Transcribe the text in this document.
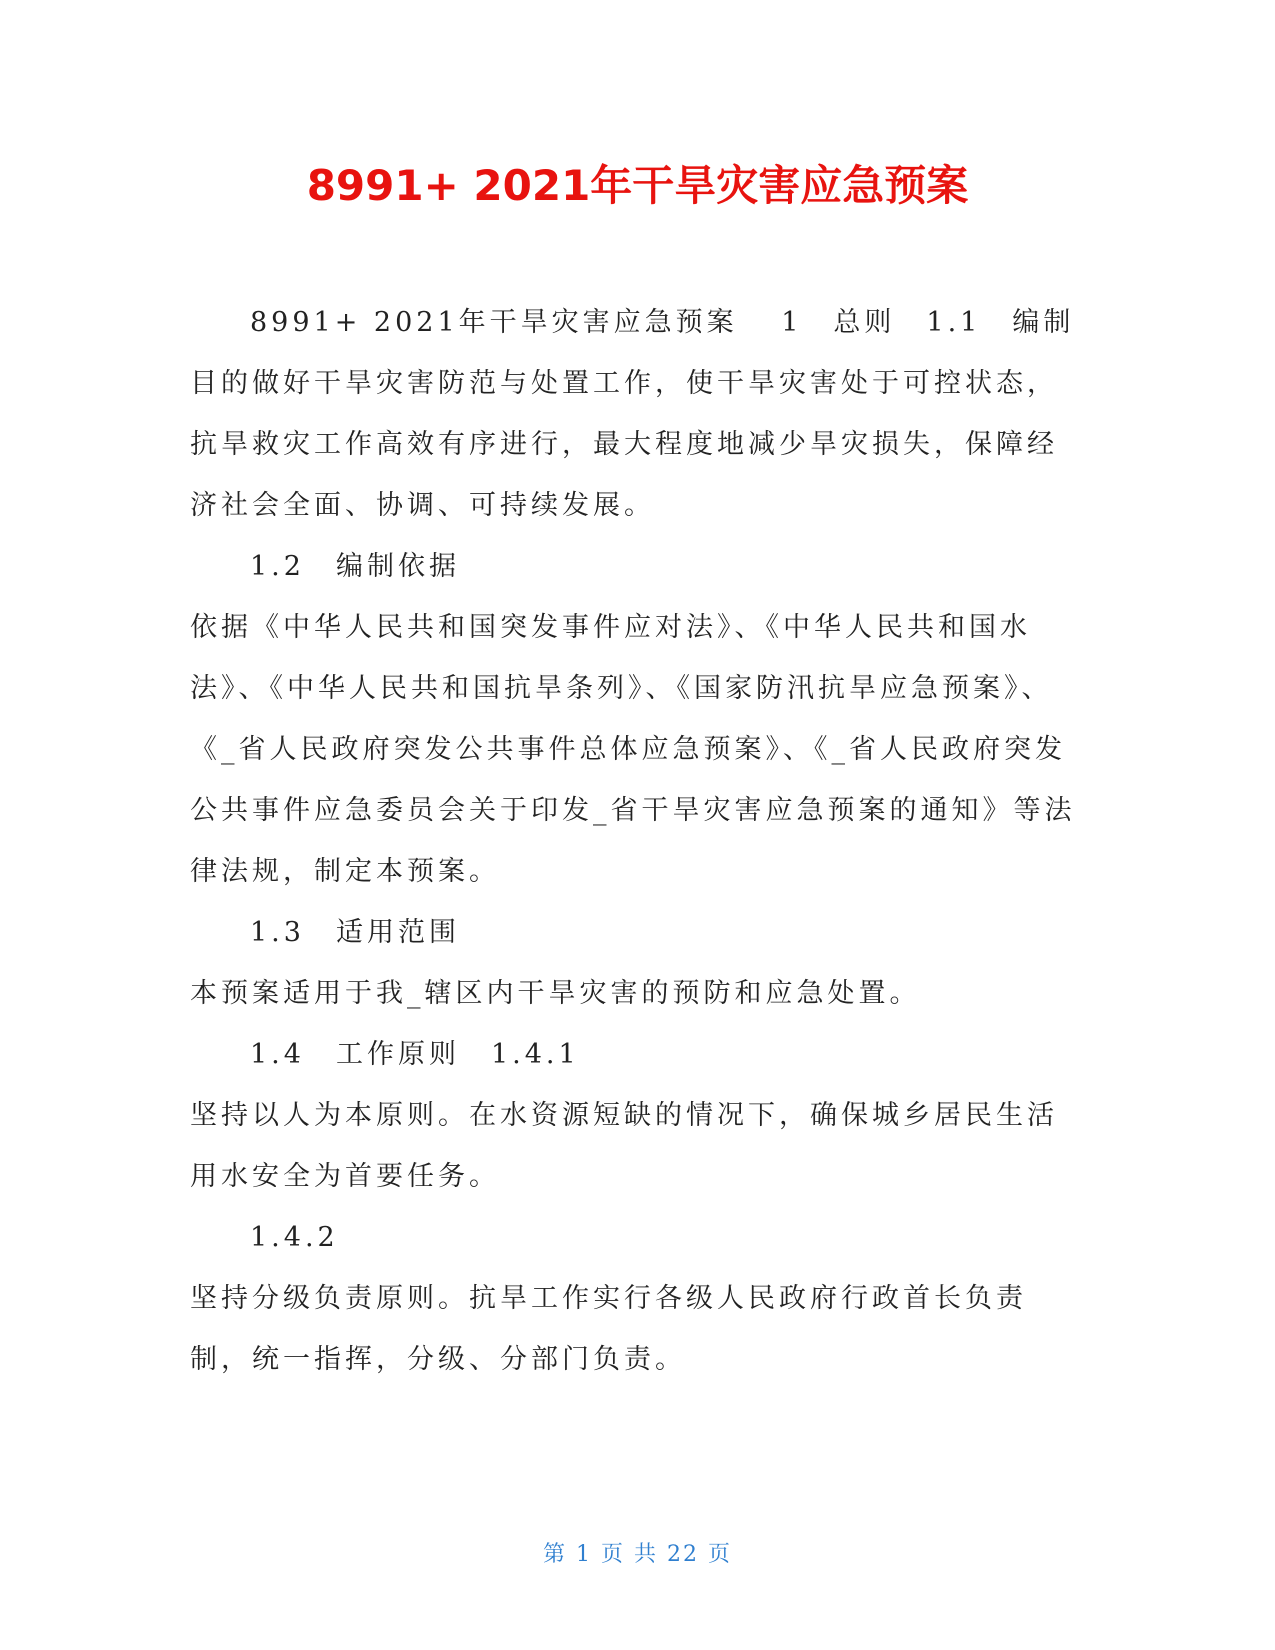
8991+ 2021年干旱灾害应急预案

8991+ 2021年干旱灾害应急预案　 1　总则　1.1　编制目的做好干旱灾害防范与处置工作，使干旱灾害处于可控状态，抗旱救灾工作高效有序进行，最大程度地减少旱灾损失，保障经济社会全面、协调、可持续发展。

1.2　编制依据

依据《中华人民共和国突发事件应对法》、《中华人民共和国水法》、《中华人民共和国抗旱条列》、《国家防汛抗旱应急预案》、《_省人民政府突发公共事件总体应急预案》、《_省人民政府突发公共事件应急委员会关于印发_省干旱灾害应急预案的通知》等法律法规，制定本预案。

1.3　适用范围

本预案适用于我_辖区内干旱灾害的预防和应急处置。

1.4　工作原则　1.4.1

坚持以人为本原则。在水资源短缺的情况下，确保城乡居民生活用水安全为首要任务。

1.4.2

坚持分级负责原则。抗旱工作实行各级人民政府行政首长负责制，统一指挥，分级、分部门负责。

第 1 页 共 22 页
